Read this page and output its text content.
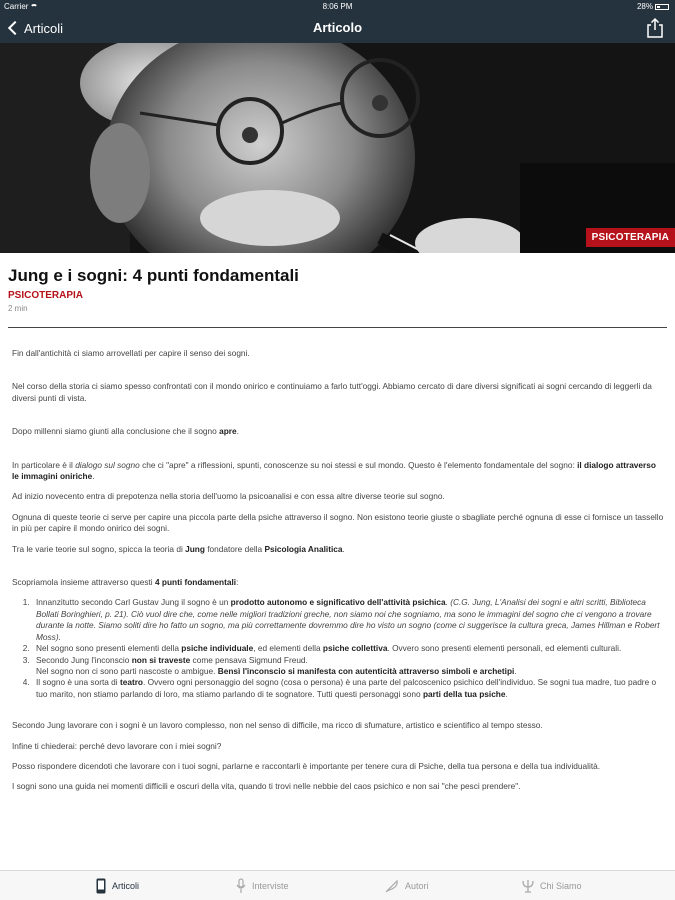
Carrier	8:06 PM	28%
Articoli	Articolo
PSICOTERAPIA
Jung e i sogni: 4 punti fondamentali
PSICOTERAPIA
2 min

Fin dall'antichità ci siamo arrovellati per capire il senso dei sogni.

Nel corso della storia ci siamo spesso confrontati con il mondo onirico e continuiamo a farlo tutt'oggi. Abbiamo cercato di dare diversi significati ai sogni cercando di leggerli da diversi punti di vista.

Dopo millenni siamo giunti alla conclusione che il sogno apre.

In particolare è il dialogo sul sogno che ci "apre" a riflessioni, spunti, conoscenze su noi stessi e sul mondo. Questo è l'elemento fondamentale del sogno: il dialogo attraverso le immagini oniriche.

Ad inizio novecento entra di prepotenza nella storia dell'uomo la psicoanalisi e con essa altre diverse teorie sul sogno.

Ognuna di queste teorie ci serve per capire una piccola parte della psiche attraverso il sogno. Non esistono teorie giuste o sbagliate perché ognuna di esse ci fornisce un tassello in più per capire il mondo onirico dei sogni.

Tra le varie teorie sul sogno, spicca la teoria di Jung fondatore della Psicologia Analitica.

Scopriamola insieme attraverso questi 4 punti fondamentali:

1. Innanzitutto secondo Carl Gustav Jung il sogno è un prodotto autonomo e significativo dell'attività psichica. (C.G. Jung, L'Analisi dei sogni e altri scritti, Biblioteca Bollati Boringhieri, p. 21). Ciò vuol dire che, come nelle migliori tradizioni greche, non siamo noi che sogniamo, ma sono le immagini del sogno che ci vengono a trovare durante la notte. Siamo soliti dire ho fatto un sogno, ma più correttamente dovremmo dire ho visto un sogno (come ci suggerisce la cultura greca, James Hillman e Robert Moss).
2. Nel sogno sono presenti elementi della psiche individuale, ed elementi della psiche collettiva. Ovvero sono presenti elementi personali, ed elementi culturali.
3. Secondo Jung l'inconscio non si traveste come pensava Sigmund Freud.
Nel sogno non ci sono parti nascoste o ambigue. Bensì l'inconscio si manifesta con autenticità attraverso simboli e archetipi.
4. Il sogno è una sorta di teatro. Ovvero ogni personaggio del sogno (cosa o persona) è una parte del palcoscenico psichico dell'individuo. Se sogni tua madre, tuo padre o tuo marito, non stiamo parlando di loro, ma stiamo parlando di te sognatore. Tutti questi personaggi sono parti della tua psiche.

Secondo Jung lavorare con i sogni è un lavoro complesso, non nel senso di difficile, ma ricco di sfumature, artistico e scientifico al tempo stesso.

Infine ti chiederai: perché devo lavorare con i miei sogni?

Posso rispondere dicendoti che lavorare con i tuoi sogni, parlarne e raccontarli è importante per tenere cura di Psiche, della tua persona e della tua individualità.

I sogni sono una guida nei momenti difficili e oscuri della vita, quando ti trovi nelle nebbie del caos psichico e non sai "che pesci prendere".

Articoli	Interviste	Autori	Chi Siamo
